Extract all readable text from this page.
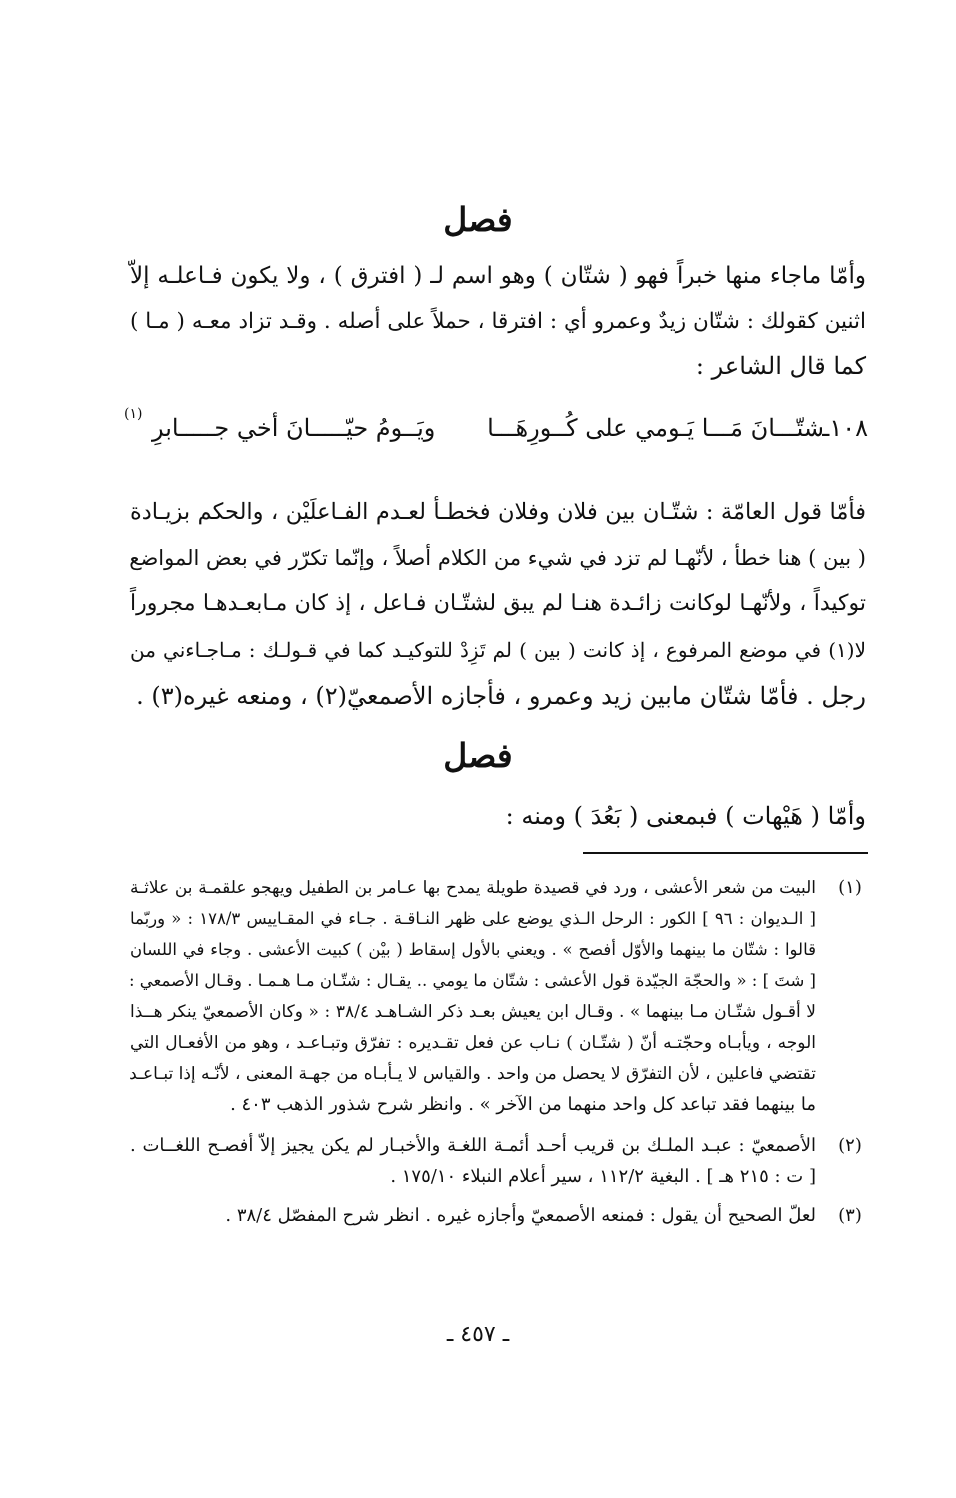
فصل

وأمّا ماجاء منها خبراً فهو ( شتّان ) وهو اسم لـ ( افترق ) ، ولا يكون فـاعلـه إلاّ

اثنين كقولك : شتّان زيدٌ وعمرو أي : افترقا ، حملاً على أصله . وقـد تزاد معـه ( مـا )

كما قال الشاعر :

١٠٨ـ
شتّـــانَ مَـــا يَـومي على كُــورِهَـــا
ويَــومُ حيّـــــانَ أخي جـــــابرِ
(١)

فأمّا قول العامّة : شتّـان بين فلان وفلان فخطـأ لعـدم الفـاعلَيْن ، والحكم بزيـادة

( بين ) هنا خطأ ، لأنّهـا لم تزد في شيء من الكلام أصلاً ، وإنّما تكرّر في بعض المواضع

توكيداً ، ولأنّهـا لوكانت زائـدة هنـا لم يبق لشتّـان فـاعل ، إذ كان مـابعـدهـا مجروراً

لا(١) في موضع المرفوع ، إذ كانت ( بين ) لم تَزِدْ للتوكيـد كما في قـولـك : مـاجـاءني من

رجل . فأمّا شتّان مابين زيد وعمرو ، فأجازه الأصمعيّ(٢) ، ومنعه غيره(٣) .

فصل

وأمّا ( هَيْهات ) فبمعنى ( بَعُدَ ) ومنه :

(١)

البيت من شعر الأعشى ، ورد في قصيدة طويلة يمدح بها عـامر بن الطفيل ويهجو علقمـة بن علاثـة

[ الـديوان : ٩٦ ] الكور : الرحل الـذي يوضع على ظهر النـاقـة . جـاء في المقـاييس ١٧٨/٣ : « وربّما

قالوا : شتّان ما بينهما والأوّل أفصح » . ويعني بالأول إسقاط ( بيْن ) كبيت الأعشى . وجاء في اللسان

[ شتَ ] : « والحجّة الجيّدة قول الأعشى : شتّان ما يومي .. يقـال : شتّـان مـا هـمـا . وقـال الأصمعي :

لا أقـول شتّـان مـا بينهما » . وقـال ابن يعيش بعـد ذكر الشـاهـد ٣٨/٤ : « وكان الأصمعيّ ينكر هــذا

الوجه ، ويأبـاه وحجّتـه أنّ ( شتّـان ) نـاب عن فعل تقـديره : تفرّق وتبـاعـد ، وهو من الأفعـال التي

تقتضي فاعلين ، لأن التفرّق لا يحصل من واحد . والقياس لا يـأبـاه من جهـة المعنى ، لأنّـه إذا تبـاعـد

ما بينهما فقد تباعد كل واحد منهما من الآخر » . وانظر شرح شذور الذهب ٤٠٣ .

(٢)

الأصمعيّ : عبـد الملـك بن قريب أحـد أئمـة اللغـة والأخبـار لم يكن يجيز إلاّ أفصـح اللغــات .

[ ت : ٢١٥ هـ ] . البغية ١١٢/٢ ، سير أعلام النبلاء ١٧٥/١٠ .

(٣)

لعلّ الصحيح أن يقول : فمنعه الأصمعيّ وأجازه غيره . انظر شرح المفصّل ٣٨/٤ .

ـ ٤٥٧ ـ
